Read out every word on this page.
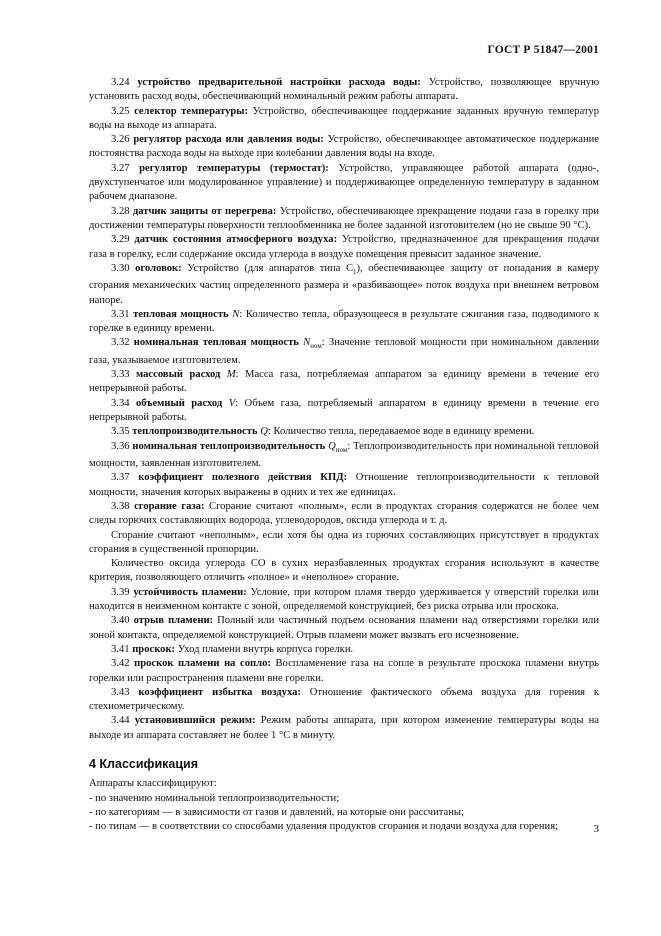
ГОСТ Р 51847—2001

3.24 устройство предварительной настройки расхода воды: Устройство, позволяющее вручную установить расход воды, обеспечивающий номинальный режим работы аппарата.

3.25 селектор температуры: Устройство, обеспечивающее поддержание заданных вручную температур воды на выходе из аппарата.

3.26 регулятор расхода или давления воды: Устройство, обеспечивающее автоматическое поддержание постоянства расхода воды на выходе при колебании давления воды на входе.

3.27 регулятор температуры (термостат): Устройство, управляющее работой аппарата (одно-, двухступенчатое или модулированное управление) и поддерживающее определенную температуру в заданном рабочем диапазоне.

3.28 датчик защиты от перегрева: Устройство, обеспечивающее прекращение подачи газа в горелку при достижении температуры поверхности теплообменника не более заданной изготовителем (но не свыше 90 °С).

3.29 датчик состояния атмосферного воздуха: Устройство, предназначенное для прекращения подачи газа в горелку, если содержание оксида углерода в воздухе помещения превысит заданное значение.

3.30 оголовок: Устройство (для аппаратов типа $С_1$), обеспечивающее защиту от попадания в камеру сгорания механических частиц определенного размера и «разбивающее» поток воздуха при внешнем ветровом напоре.

3.31 тепловая мощность N: Количество тепла, образующееся в результате сжигания газа, подводимого к горелке в единицу времени.

3.32 номинальная тепловая мощность $N_{ном}$: Значение тепловой мощности при номинальном давлении газа, указываемое изготовителем.

3.33 массовый расход M: Масса газа, потребляемая аппаратом за единицу времени в течение его непрерывной работы.

3.34 объемный расход V: Объем газа, потребляемый аппаратом в единицу времени в течение его непрерывной работы.

3.35 теплопроизводительность Q: Количество тепла, передаваемое воде в единицу времени.

3.36 номинальная теплопроизводительность $Q_{ном}$: Теплопроизводительность при номинальной тепловой мощности, заявленная изготовителем.

3.37 коэффициент полезного действия КПД: Отношение теплопроизводительности к тепловой мощности, значения которых выражены в одних и тех же единицах.

3.38 сгорание газа: Сгорание считают «полным», если в продуктах сгорания содержатся не более чем следы горючих составляющих водорода, углеводородов, оксида углерода и т. д.

Сгорание считают «неполным», если хотя бы одна из горючих составляющих присутствует в продуктах сгорания в существенной пропорции.

Количество оксида углерода СО в сухих неразбавленных продуктах сгорания используют в качестве критерия, позволяющего отличить «полное» и «неполное» сгорание.

3.39 устойчивость пламени: Условие, при котором пламя твердо удерживается у отверстий горелки или находится в неизменном контакте с зоной, определяемой конструкцией, без риска отрыва или проскока.

3.40 отрыв пламени: Полный или частичный подъем основания пламени над отверстиями горелки или зоной контакта, определяемой конструкцией. Отрыв пламени может вызвать его исчезновение.

3.41 проскок: Уход пламени внутрь корпуса горелки.

3.42 проскок пламени на сопло: Воспламенение газа на сопле в результате проскока пламени внутрь горелки или распространения пламени вне горелки.

3.43 коэффициент избытка воздуха: Отношение фактического объема воздуха для горения к стехиометрическому.

3.44 установившийся режим: Режим работы аппарата, при котором изменение температуры воды на выходе из аппарата составляет не более 1 °С в минуту.

4 Классификация

Аппараты классифицируют:

- по значению номинальной теплопроизводительности;

- по категориям — в зависимости от газов и давлений, на которые они рассчитаны;

- по типам — в соответствии со способами удаления продуктов сгорания и подачи воздуха для горения;	3
